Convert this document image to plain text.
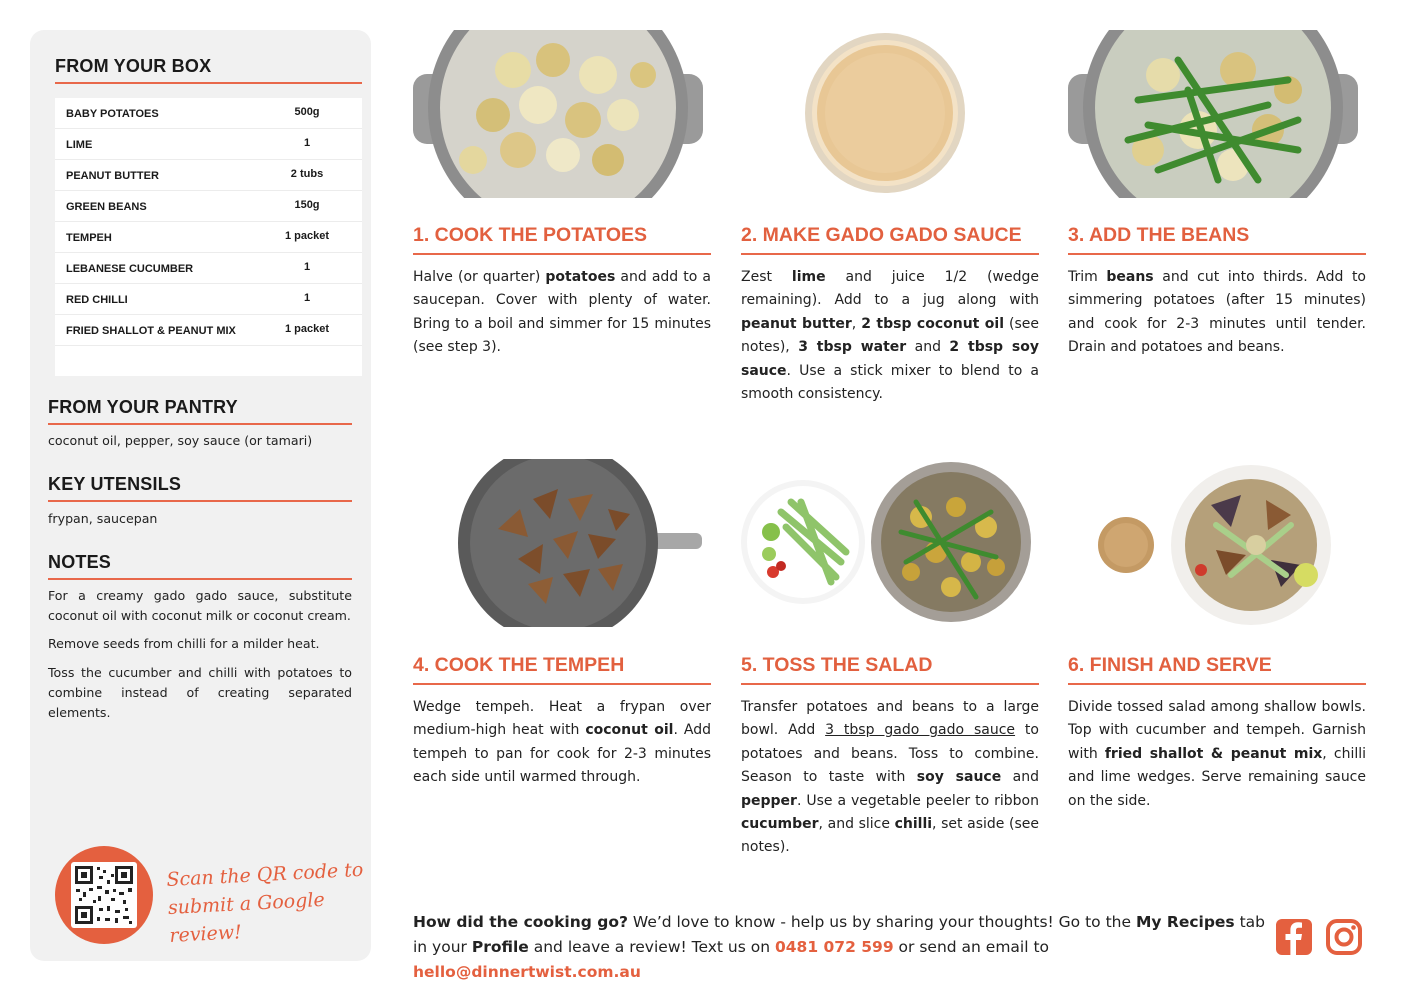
FROM YOUR BOX
BABY POTATOES	500g
LIME	1
PEANUT BUTTER	2 tubs
GREEN BEANS	150g
TEMPEH	1 packet
LEBANESE CUCUMBER	1
RED CHILLI	1
FRIED SHALLOT & PEANUT MIX	1 packet
FROM YOUR PANTRY
coconut oil, pepper, soy sauce (or tamari)
KEY UTENSILS
frypan, saucepan
NOTES
For a creamy gado gado sauce, substitute coconut oil with coconut milk or coconut cream.
Remove seeds from chilli for a milder heat.
Toss the cucumber and chilli with potatoes to combine instead of creating separated elements.
Scan the QR code to
submit a Google review!
1. COOK THE POTATOES
Halve (or quarter) potatoes and add to a saucepan. Cover with plenty of water. Bring to a boil and simmer for 15 minutes (see step 3).
2. MAKE GADO GADO SAUCE
Zest lime and juice 1/2 (wedge remaining). Add to a jug along with peanut butter, 2 tbsp coconut oil (see notes), 3 tbsp water and 2 tbsp soy sauce. Use a stick mixer to blend to a smooth consistency.
3. ADD THE BEANS
Trim beans and cut into thirds. Add to simmering potatoes (after 15 minutes) and cook for 2-3 minutes until tender. Drain and potatoes and beans.
4. COOK THE TEMPEH
Wedge tempeh. Heat a frypan over medium-high heat with coconut oil. Add tempeh to pan for cook for 2-3 minutes each side until warmed through.
5. TOSS THE SALAD
Transfer potatoes and beans to a large bowl. Add 3 tbsp gado gado sauce to potatoes and beans. Toss to combine. Season to taste with soy sauce and pepper. Use a vegetable peeler to ribbon cucumber, and slice chilli, set aside (see notes).
6. FINISH AND SERVE
Divide tossed salad among shallow bowls. Top with cucumber and tempeh. Garnish with fried shallot & peanut mix, chilli and lime wedges. Serve remaining sauce on the side.
How did the cooking go? We’d love to know - help us by sharing your thoughts! Go to the My Recipes tab in your Profile and leave a review! Text us on 0481 072 599 or send an email to hello@dinnertwist.com.au
